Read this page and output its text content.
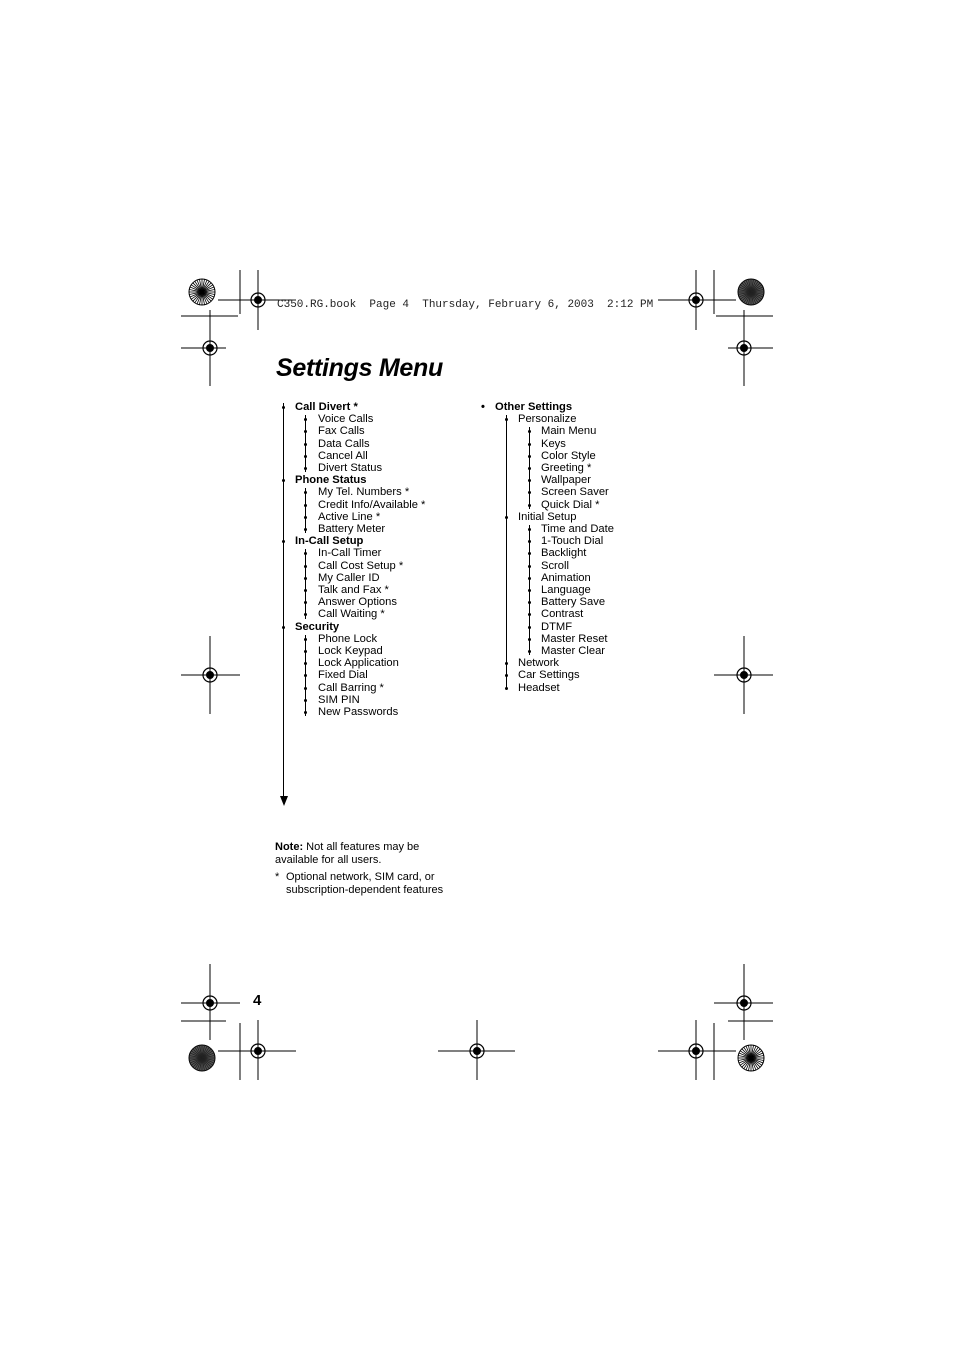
C350.RG.book  Page 4  Thursday, February 6, 2003  2:12 PM
Settings Menu
Call Divert *
Voice Calls
Fax Calls
Data Calls
Cancel All
Divert Status
Phone Status
My Tel. Numbers *
Credit Info/Available *
Active Line *
Battery Meter
In-Call Setup
In-Call Timer
Call Cost Setup *
My Caller ID
Talk and Fax *
Answer Options
Call Waiting *
Security
Phone Lock
Lock Keypad
Lock Application
Fixed Dial
Call Barring *
SIM PIN
New Passwords
• Other Settings
Personalize
Main Menu
Keys
Color Style
Greeting *
Wallpaper
Screen Saver
Quick Dial *
Initial Setup
Time and Date
1-Touch Dial
Backlight
Scroll
Animation
Language
Battery Save
Contrast
DTMF
Master Reset
Master Clear
Network
Car Settings
Headset
Note: Not all features may be available for all users.
* Optional network, SIM card, or subscription-dependent features
4
